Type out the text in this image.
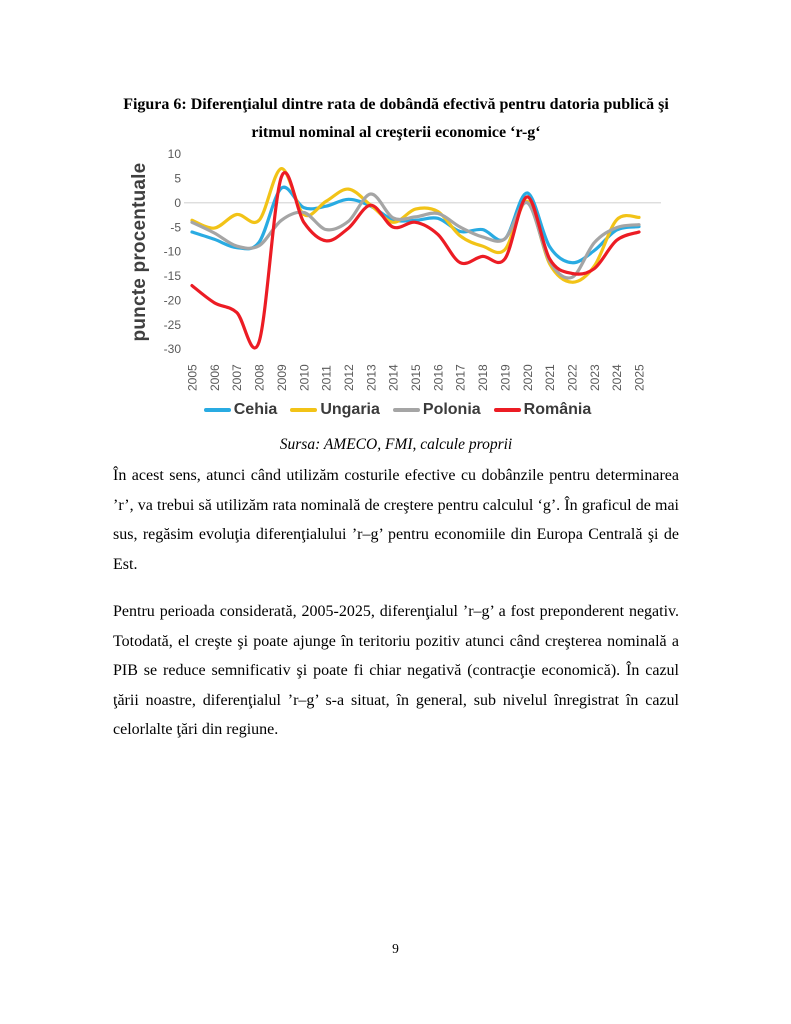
Figura 6: Diferenţialul dintre rata de dobândă efectivă pentru datoria publică şi
ritmul nominal al creşterii economice ‘r-g‘
puncte procentuale
10
5
0
-5
-10
-15
-20
-25
-30
2005 2006 2007 2008 2009 2010 2011 2012 2013 2014 2015 2016 2017 2018 2019 2020 2021 2022 2023 2024 2025
Cehia	Ungaria	Polonia	România
Sursa: AMECO, FMI, calcule proprii

În acest sens, atunci când utilizăm costurile efective cu dobânzile pentru determinarea ’r’, va trebui să utilizăm rata nominală de creştere pentru calculul ‘g’. În graficul de mai sus, regăsim evoluţia diferenţialului ’r–g’ pentru economiile din Europa Centrală şi de Est.

Pentru perioada considerată, 2005-2025, diferenţialul ’r–g’ a fost preponderent negativ. Totodată, el creşte şi poate ajunge în teritoriu pozitiv atunci când creşterea nominală a PIB se reduce semnificativ şi poate fi chiar negativă (contracţie economică). În cazul ţării noastre, diferenţialul ’r–g’ s-a situat, în general, sub nivelul înregistrat în cazul celorlalte ţări din regiune.

9
